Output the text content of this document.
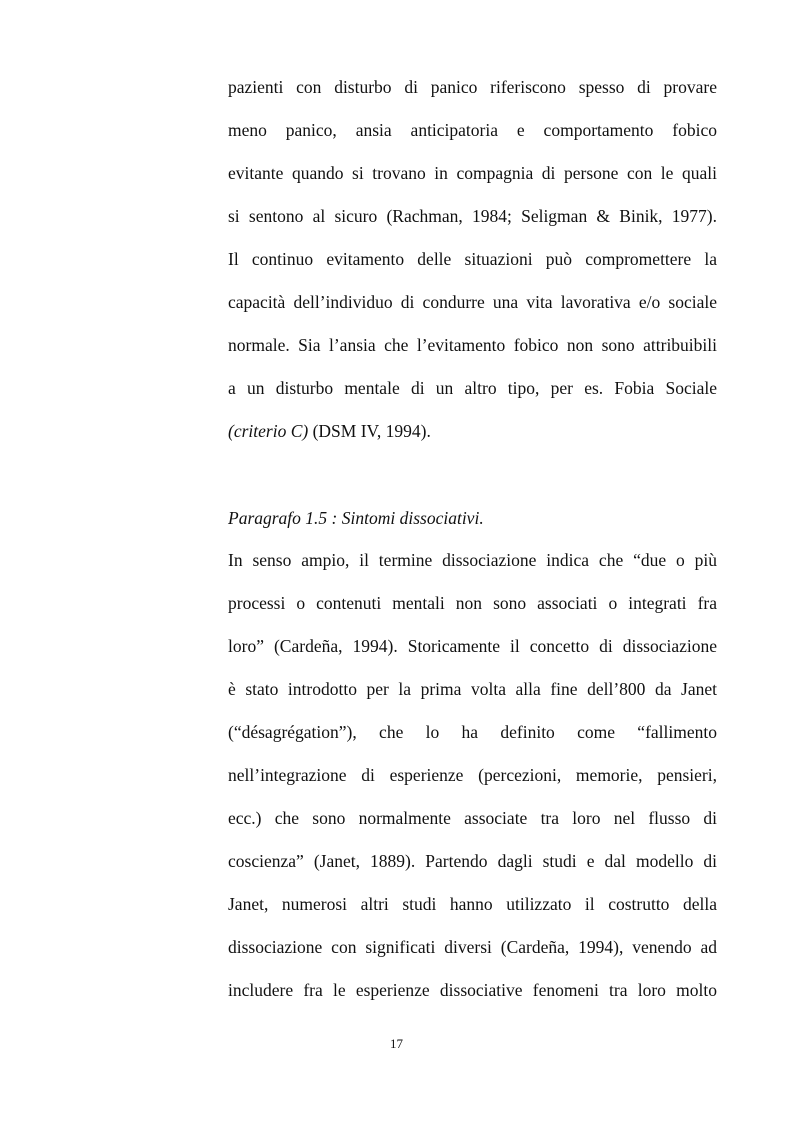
pazienti con disturbo di panico riferiscono spesso di provare
meno panico, ansia anticipatoria e comportamento fobico
evitante quando si trovano in compagnia di persone con le quali
si sentono al sicuro (Rachman, 1984; Seligman & Binik, 1977).
Il continuo evitamento delle situazioni può compromettere la
capacità dell’individuo di condurre una vita lavorativa e/o sociale
normale. Sia l’ansia che l’evitamento fobico non sono attribuibili
a un disturbo mentale di un altro tipo, per es. Fobia Sociale
(criterio C) (DSM IV, 1994).
Paragrafo 1.5 : Sintomi dissociativi.
In senso ampio, il termine dissociazione indica che “due o più
processi o contenuti mentali non sono associati o integrati fra
loro” (Cardeña, 1994). Storicamente il concetto di dissociazione
è stato introdotto per la prima volta alla fine dell’800 da Janet
(“désagrégation”), che lo ha definito come “fallimento
nell’integrazione di esperienze (percezioni, memorie, pensieri,
ecc.) che sono normalmente associate tra loro nel flusso di
coscienza” (Janet, 1889). Partendo dagli studi e dal modello di
Janet, numerosi altri studi hanno utilizzato il costrutto della
dissociazione con significati diversi (Cardeña, 1994), venendo ad
includere fra le esperienze dissociative fenomeni tra loro molto
17
